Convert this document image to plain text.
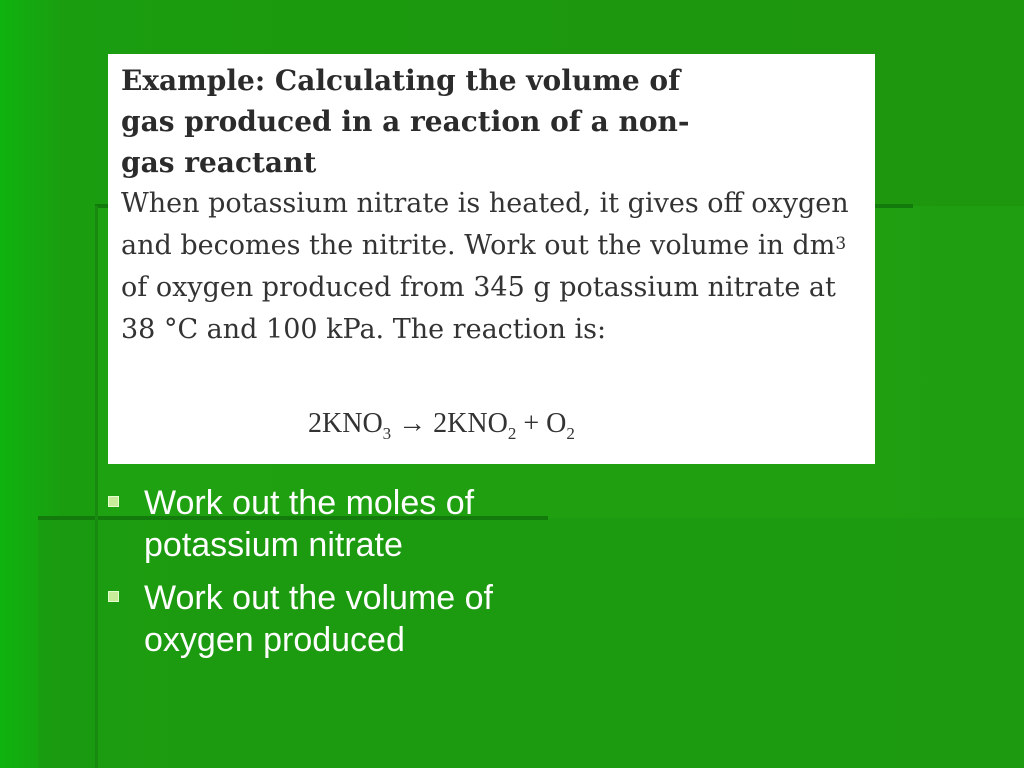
Example: Calculating the volume of gas produced in a reaction of a non-gas reactant

When potassium nitrate is heated, it gives off oxygen and becomes the nitrite. Work out the volume in $dm^3$ of oxygen produced from 345 g potassium nitrate at 38 °C and 100 kPa. The reaction is:

$2KNO_3 \to 2KNO_2 + O_2$
Work out the moles of potassium nitrate
Work out the volume of oxygen produced
